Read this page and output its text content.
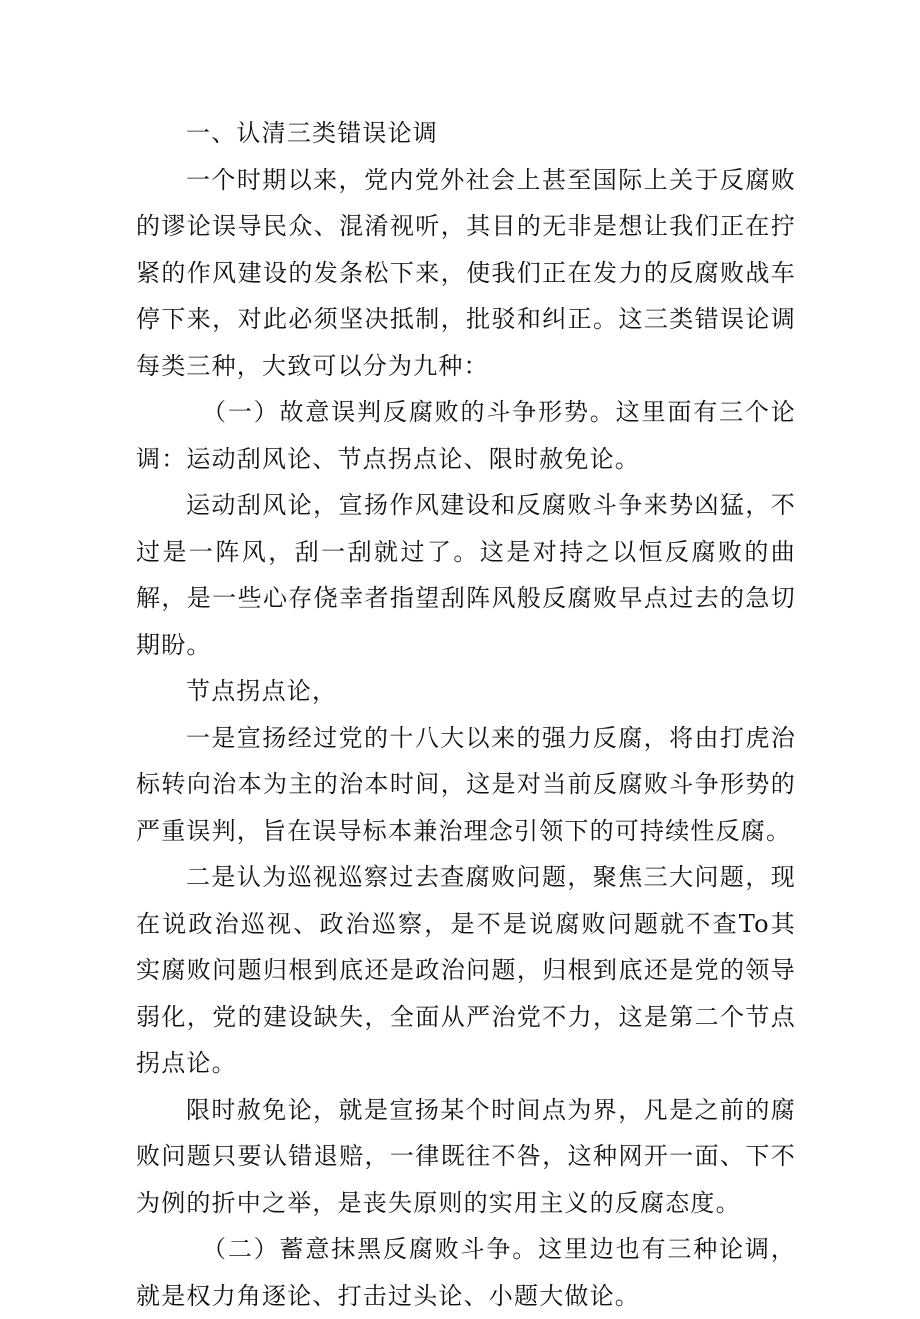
一、认清三类错误论调

一个时期以来，党内党外社会上甚至国际上关于反腐败的谬论误导民众、混淆视听，其目的无非是想让我们正在拧紧的作风建设的发条松下来，使我们正在发力的反腐败战车停下来，对此必须坚决抵制，批驳和纠正。这三类错误论调每类三种，大致可以分为九种：

（一）故意误判反腐败的斗争形势。这里面有三个论调：运动刮风论、节点拐点论、限时赦免论。

运动刮风论，宣扬作风建设和反腐败斗争来势凶猛，不过是一阵风，刮一刮就过了。这是对持之以恒反腐败的曲解，是一些心存侥幸者指望刮阵风般反腐败早点过去的急切期盼。

节点拐点论，

一是宣扬经过党的十八大以来的强力反腐，将由打虎治标转向治本为主的治本时间，这是对当前反腐败斗争形势的严重误判，旨在误导标本兼治理念引领下的可持续性反腐。

二是认为巡视巡察过去查腐败问题，聚焦三大问题，现在说政治巡视、政治巡察，是不是说腐败问题就不查To其实腐败问题归根到底还是政治问题，归根到底还是党的领导弱化，党的建设缺失，全面从严治党不力，这是第二个节点拐点论。

限时赦免论，就是宣扬某个时间点为界，凡是之前的腐败问题只要认错退赔，一律既往不咎，这种网开一面、下不为例的折中之举，是丧失原则的实用主义的反腐态度。

（二）蓄意抹黑反腐败斗争。这里边也有三种论调，就是权力角逐论、打击过头论、小题大做论。
